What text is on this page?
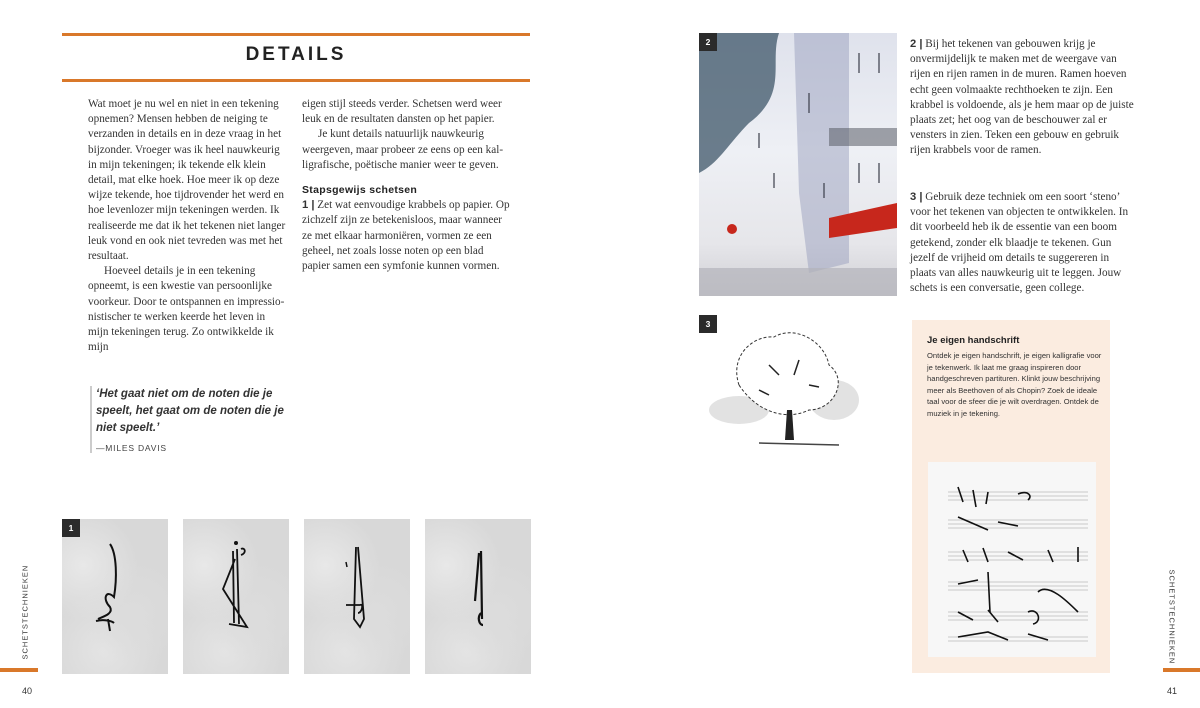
DETAILS

Wat moet je nu wel en niet in een tekening opnemen? Mensen hebben de neiging te verzanden in details en in deze vraag in het bijzonder. Vroeger was ik heel nauwkeurig in mijn tekeningen; ik tekende elk klein detail, mat elke hoek. Hoe meer ik op deze wijze tekende, hoe tijdrovender het werd en hoe levenlozer mijn tekeningen werden. Ik realiseerde me dat ik het tekenen niet langer leuk vond en ook niet tevreden was met het resultaat.

Hoeveel details je in een tekening opneemt, is een kwestie van persoonlijke voorkeur. Door te ontspannen en impressio-nistischer te werken keerde het leven in mijn tekeningen terug. Zo ontwikkelde ik mijn

eigen stijl steeds verder. Schetsen werd weer leuk en de resultaten dansten op het papier.

Je kunt details natuurlijk nauwkeurig weergeven, maar probeer ze eens op een kal-ligrafische, poëtische manier weer te geven.

Stapsgewijs schetsen

1 | Zet wat eenvoudige krabbels op papier. Op zichzelf zijn ze betekenisloos, maar wanneer ze met elkaar harmoniëren, vormen ze een geheel, net zoals losse noten op een blad papier samen een symfonie kunnen vormen.

‘Het gaat niet om de noten die je speelt, het gaat om de noten die je niet speelt.’
—MILES DAVIS
1
SCHETSTECHNIEKEN
40
2
3

2 | Bij het tekenen van gebouwen krijg je onvermijdelijk te maken met de weergave van rijen en rijen ramen in de muren. Ramen hoeven echt geen volmaakte rechthoeken te zijn. Een krabbel is voldoende, als je hem maar op de juiste plaats zet; het oog van de beschouwer zal er vensters in zien. Teken een gebouw en gebruik rijen krabbels voor de ramen.

3 | Gebruik deze techniek om een soort ‘steno’ voor het tekenen van objecten te ontwikkelen. In dit voorbeeld heb ik de essentie van een boom getekend, zonder elk blaadje te tekenen. Gun jezelf de vrijheid om details te suggereren in plaats van alles nauwkeurig uit te leggen. Jouw schets is een conversatie, geen college.

Je eigen handschrift
Ontdek je eigen handschrift, je eigen kalligrafie voor je tekenwerk. Ik laat me graag inspireren door handgeschreven partituren. Klinkt jouw beschrijving meer als Beethoven of als Chopin? Zoek de ideale taal voor de sfeer die je wilt overdragen. Ontdek de muziek in je tekening.
SCHETSTECHNIEKEN
41
